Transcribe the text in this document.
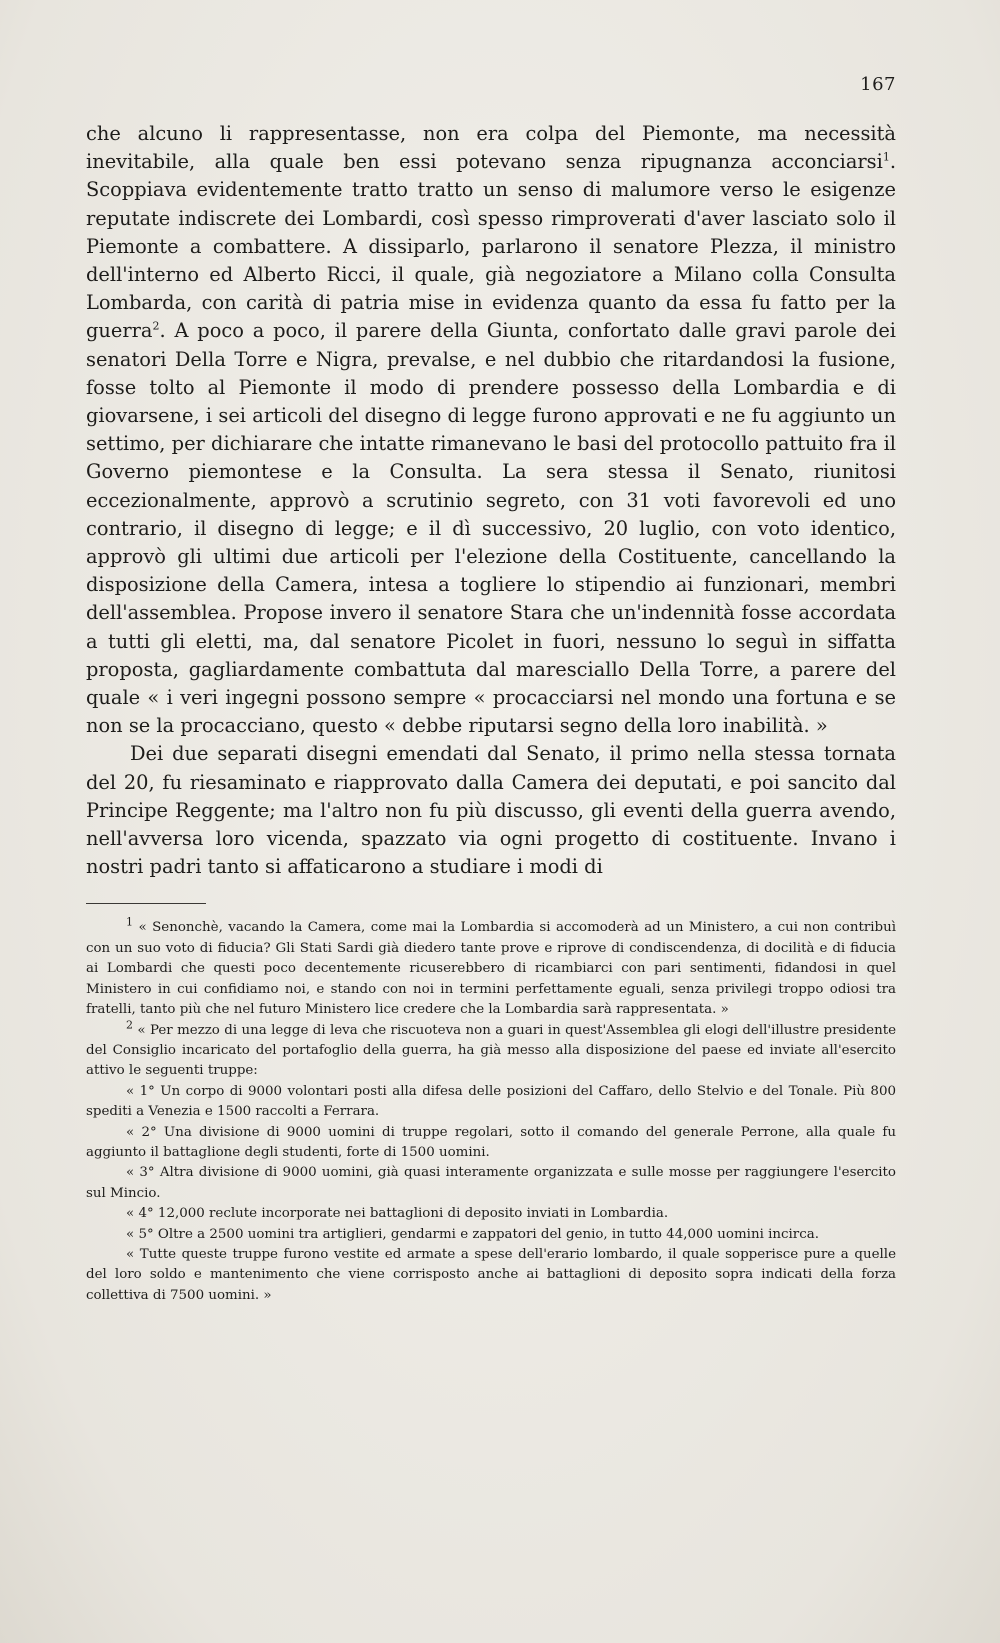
167

che alcuno li rappresentasse, non era colpa del Piemonte, ma necessità inevitabile, alla quale ben essi potevano senza ripugnanza acconciarsi$^1$. Scoppiava evidentemente tratto tratto un senso di malumore verso le esigenze reputate indiscrete dei Lombardi, così spesso rimproverati d'aver lasciato solo il Piemonte a combattere. A dissiparlo, parlarono il senatore Plezza, il ministro dell'interno ed Alberto Ricci, il quale, già negoziatore a Milano colla Consulta Lombarda, con carità di patria mise in evidenza quanto da essa fu fatto per la guerra$^2$. A poco a poco, il parere della Giunta, confortato dalle gravi parole dei senatori Della Torre e Nigra, prevalse, e nel dubbio che ritardandosi la fusione, fosse tolto al Piemonte il modo di prendere possesso della Lombardia e di giovarsene, i sei articoli del disegno di legge furono approvati e ne fu aggiunto un settimo, per dichiarare che intatte rimanevano le basi del protocollo pattuito fra il Governo piemontese e la Consulta. La sera stessa il Senato, riunitosi eccezionalmente, approvò a scrutinio segreto, con 31 voti favorevoli ed uno contrario, il disegno di legge; e il dì successivo, 20 luglio, con voto identico, approvò gli ultimi due articoli per l'elezione della Costituente, cancellando la disposizione della Camera, intesa a togliere lo stipendio ai funzionari, membri dell'assemblea. Propose invero il senatore Stara che un'indennità fosse accordata a tutti gli eletti, ma, dal senatore Picolet in fuori, nessuno lo seguì in siffatta proposta, gagliardamente combattuta dal maresciallo Della Torre, a parere del quale « i veri ingegni possono sempre « procacciarsi nel mondo una fortuna e se non se la procacciano, questo « debbe riputarsi segno della loro inabilità. »

Dei due separati disegni emendati dal Senato, il primo nella stessa tornata del 20, fu riesaminato e riapprovato dalla Camera dei deputati, e poi sancito dal Principe Reggente; ma l'altro non fu più discusso, gli eventi della guerra avendo, nell'avversa loro vicenda, spazzato via ogni progetto di costituente. Invano i nostri padri tanto si affaticarono a studiare i modi di

$^1$ « Senonchè, vacando la Camera, come mai la Lombardia si accomoderà ad un Ministero, a cui non contribuì con un suo voto di fiducia? Gli Stati Sardi già diedero tante prove e riprove di condiscendenza, di docilità e di fiducia ai Lombardi che questi poco decentemente ricuserebbero di ricambiarci con pari sentimenti, fidandosi in quel Ministero in cui confidiamo noi, e stando con noi in termini perfettamente eguali, senza privilegi troppo odiosi tra fratelli, tanto più che nel futuro Ministero lice credere che la Lombardia sarà rappresentata. »

$^2$ « Per mezzo di una legge di leva che riscuoteva non a guari in quest'Assemblea gli elogi dell'illustre presidente del Consiglio incaricato del portafoglio della guerra, ha già messo alla disposizione del paese ed inviate all'esercito attivo le seguenti truppe:

« 1° Un corpo di 9000 volontari posti alla difesa delle posizioni del Caffaro, dello Stelvio e del Tonale. Più 800 spediti a Venezia e 1500 raccolti a Ferrara.

« 2° Una divisione di 9000 uomini di truppe regolari, sotto il comando del generale Perrone, alla quale fu aggiunto il battaglione degli studenti, forte di 1500 uomini.

« 3° Altra divisione di 9000 uomini, già quasi interamente organizzata e sulle mosse per raggiungere l'esercito sul Mincio.

« 4° 12,000 reclute incorporate nei battaglioni di deposito inviati in Lombardia.

« 5° Oltre a 2500 uomini tra artiglieri, gendarmi e zappatori del genio, in tutto 44,000 uomini incirca.

« Tutte queste truppe furono vestite ed armate a spese dell'erario lombardo, il quale sopperisce pure a quelle del loro soldo e mantenimento che viene corrisposto anche ai battaglioni di deposito sopra indicati della forza collettiva di 7500 uomini. »
